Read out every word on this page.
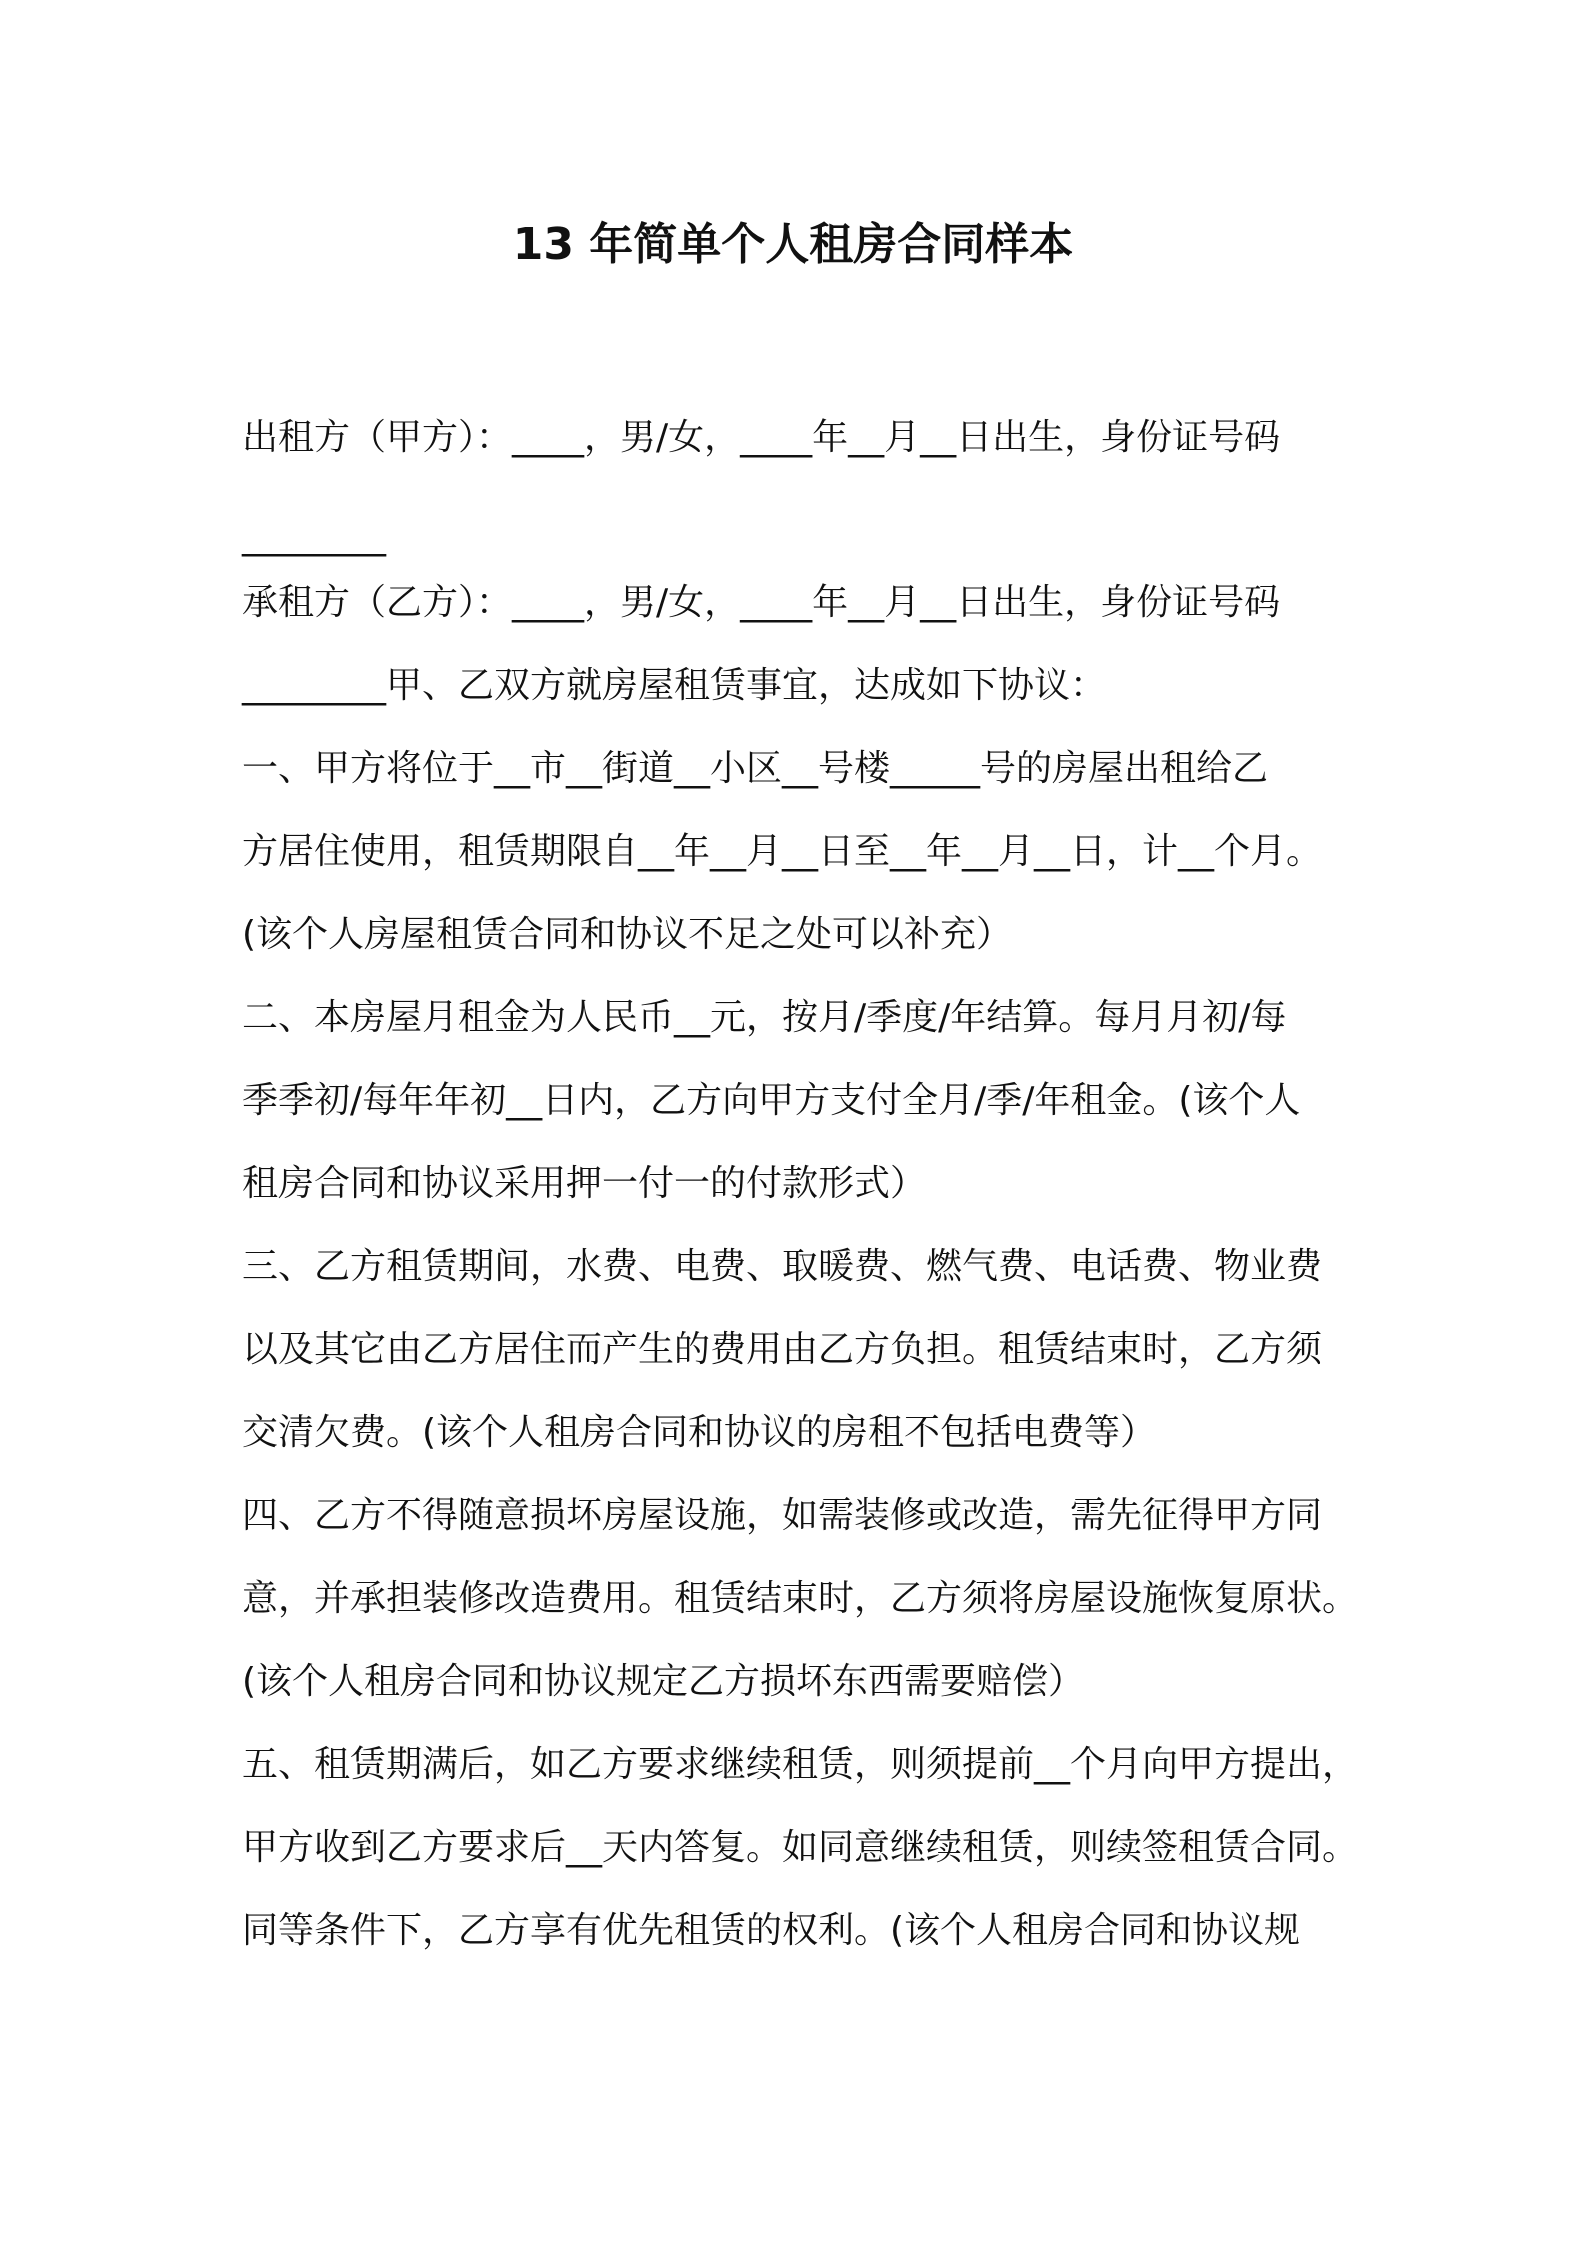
13 年简单个人租房合同样本
出租方（甲方）：____，男/女，____年__月__日出生，身份证号码
________
承租方（乙方）：____，男/女，____年__月__日出生，身份证号码
________甲、乙双方就房屋租赁事宜，达成如下协议：
一、甲方将位于__市__街道__小区__号楼_____号的房屋出租给乙
方居住使用，租赁期限自__年__月__日至__年__月__日，计__个月。
(该个人房屋租赁合同和协议不足之处可以补充）
二、本房屋月租金为人民币__元，按月/季度/年结算。每月月初/每
季季初/每年年初__日内，乙方向甲方支付全月/季/年租金。(该个人
租房合同和协议采用押一付一的付款形式）
三、乙方租赁期间，水费、电费、取暖费、燃气费、电话费、物业费
以及其它由乙方居住而产生的费用由乙方负担。租赁结束时，乙方须
交清欠费。(该个人租房合同和协议的房租不包括电费等）
四、乙方不得随意损坏房屋设施，如需装修或改造，需先征得甲方同
意，并承担装修改造费用。租赁结束时，乙方须将房屋设施恢复原状。
(该个人租房合同和协议规定乙方损坏东西需要赔偿）
五、租赁期满后，如乙方要求继续租赁，则须提前__个月向甲方提出，
甲方收到乙方要求后__天内答复。如同意继续租赁，则续签租赁合同。
同等条件下，乙方享有优先租赁的权利。(该个人租房合同和协议规
